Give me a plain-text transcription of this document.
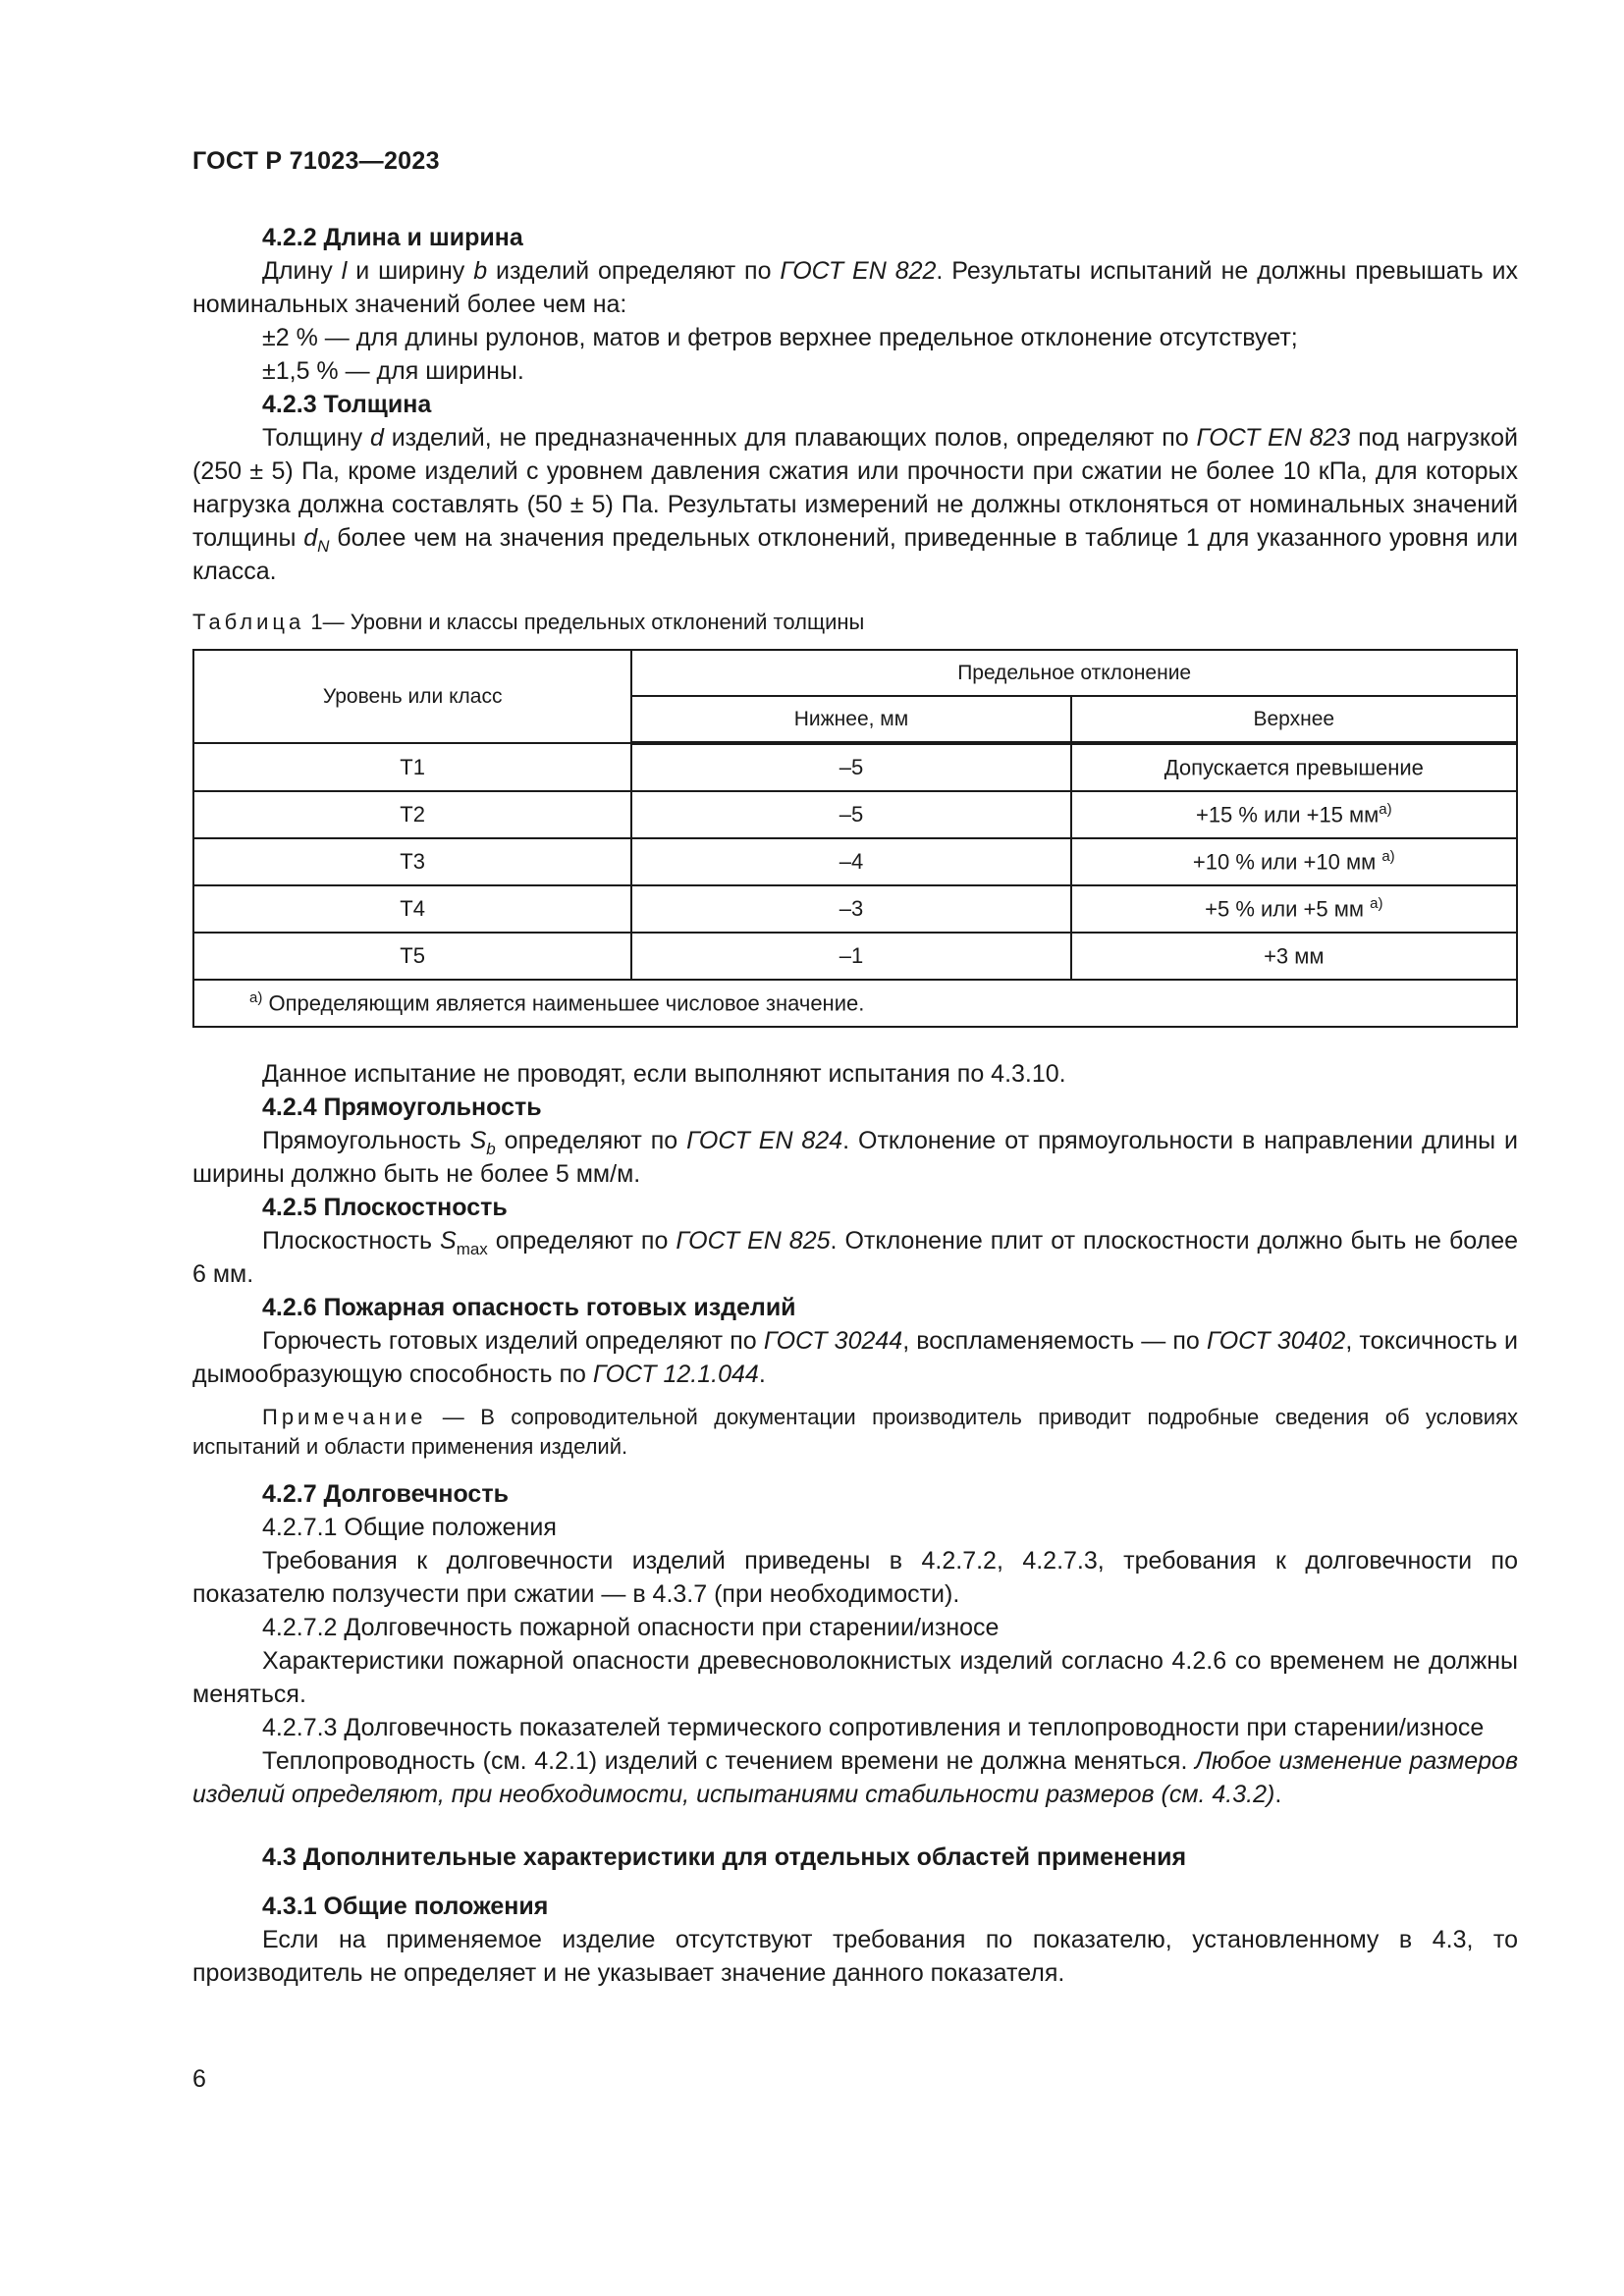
ГОСТ Р 71023—2023

4.2.2 Длина и ширина

Длину l и ширину b изделий определяют по ГОСТ EN 822. Результаты испытаний не должны превышать их номинальных значений более чем на:

±2 % — для длины рулонов, матов и фетров верхнее предельное отклонение отсутствует;

±1,5 % — для ширины.

4.2.3 Толщина

Толщину d изделий, не предназначенных для плавающих полов, определяют по ГОСТ EN 823 под нагрузкой (250 ± 5) Па, кроме изделий с уровнем давления сжатия или прочности при сжатии не более 10 кПа, для которых нагрузка должна составлять (50 ± 5) Па. Результаты измерений не должны отклоняться от номинальных значений толщины $d_N$ более чем на значения предельных отклонений, приведенные в таблице 1 для указанного уровня или класса.

Таблица 1— Уровни и классы предельных отклонений толщины
Уровень или класс	Предельное отклонение	
	Нижнее, мм	Верхнее
T1	–5	Допускается превышение
T2	–5	+15 % или +15 $мм^{а)}$
T3	–4	+10 % или +10 мм $^{а)}$
T4	–3	+5 % или +5 мм $^{а)}$
T5	–1	+3 мм
$^{а)}$ Определяющим является наименьшее числовое значение.		

Данное испытание не проводят, если выполняют испытания по 4.3.10.

4.2.4 Прямоугольность

Прямоугольность $S_b$ определяют по ГОСТ EN 824. Отклонение от прямоугольности в направлении длины и ширины должно быть не более 5 мм/м.

4.2.5 Плоскостность

Плоскостность $S_{max}$ определяют по ГОСТ EN 825. Отклонение плит от плоскостности должно быть не более 6 мм.

4.2.6 Пожарная опасность готовых изделий

Горючесть готовых изделий определяют по ГОСТ 30244, воспламеняемость — по ГОСТ 30402, токсичность и дымообразующую способность по ГОСТ 12.1.044.

Примечание — В сопроводительной документации производитель приводит подробные сведения об условиях испытаний и области применения изделий.

4.2.7 Долговечность

4.2.7.1 Общие положения

Требования к долговечности изделий приведены в 4.2.7.2, 4.2.7.3, требования к долговечности по показателю ползучести при сжатии — в 4.3.7 (при необходимости).

4.2.7.2 Долговечность пожарной опасности при старении/износе

Характеристики пожарной опасности древесноволокнистых изделий согласно 4.2.6 со временем не должны меняться.

4.2.7.3 Долговечность показателей термического сопротивления и теплопроводности при старении/износе

Теплопроводность (см. 4.2.1) изделий с течением времени не должна меняться. Любое изменение размеров изделий определяют, при необходимости, испытаниями стабильности размеров (см. 4.3.2).

4.3 Дополнительные характеристики для отдельных областей применения

4.3.1 Общие положения

Если на применяемое изделие отсутствуют требования по показателю, установленному в 4.3, то производитель не определяет и не указывает значение данного показателя.

6
